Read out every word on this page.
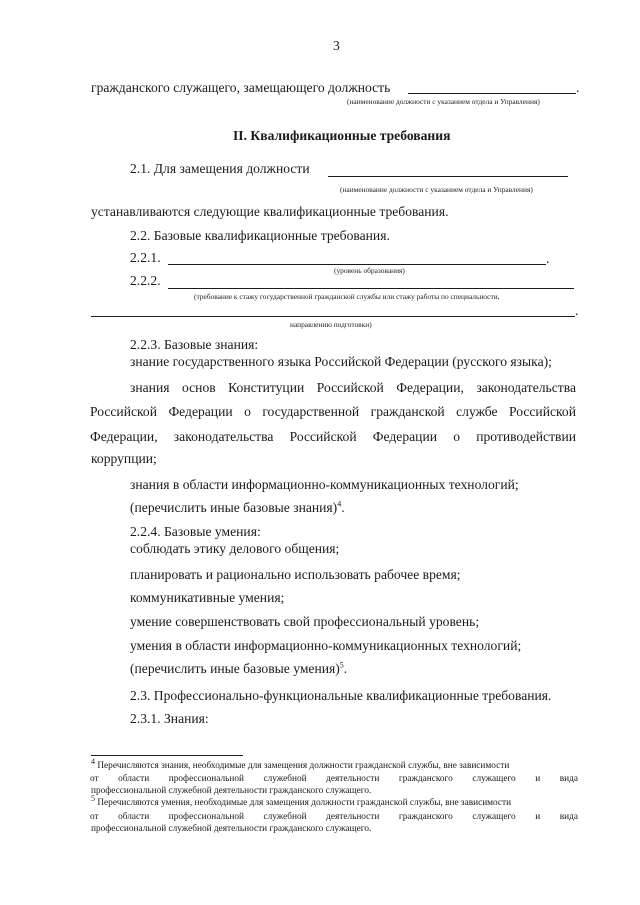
3
гражданского служащего, замещающего должность	.
(наименование должности с указанием отдела и Управления)
II. Квалификационные требования
2.1. Для замещения должности
(наименование должности с указанием отдела и Управления)
устанавливаются следующие квалификационные требования.
2.2. Базовые квалификационные требования.
2.2.1.	.
(уровень образования)
2.2.2.
(требование к стажу государственной гражданской службы или стажу работы по специальности,
.
направлению подготовки)
2.2.3. Базовые знания:
знание государственного языка Российской Федерации (русского языка);
знания основ Конституции Российской Федерации, законодательства
Российской Федерации о государственной гражданской службе Российской
Федерации, законодательства Российской Федерации о противодействии
коррупции;
знания в области информационно-коммуникационных технологий;
(перечислить иные базовые знания)$^4$.
2.2.4. Базовые умения:
соблюдать этику делового общения;
планировать и рационально использовать рабочее время;
коммуникативные умения;
умение совершенствовать свой профессиональный уровень;
умения в области информационно-коммуникационных технологий;
(перечислить иные базовые умения)$^5$.
2.3. Профессионально-функциональные квалификационные требования.
2.3.1. Знания:
$^4$ Перечисляются знания, необходимые для замещения должности гражданской службы, вне зависимости
от области профессиональной служебной деятельности гражданского служащего и вида
профессиональной служебной деятельности гражданского служащего.
$^5$ Перечисляются умения, необходимые для замещения должности гражданской службы, вне зависимости
от области профессиональной служебной деятельности гражданского служащего и вида
профессиональной служебной деятельности гражданского служащего.
